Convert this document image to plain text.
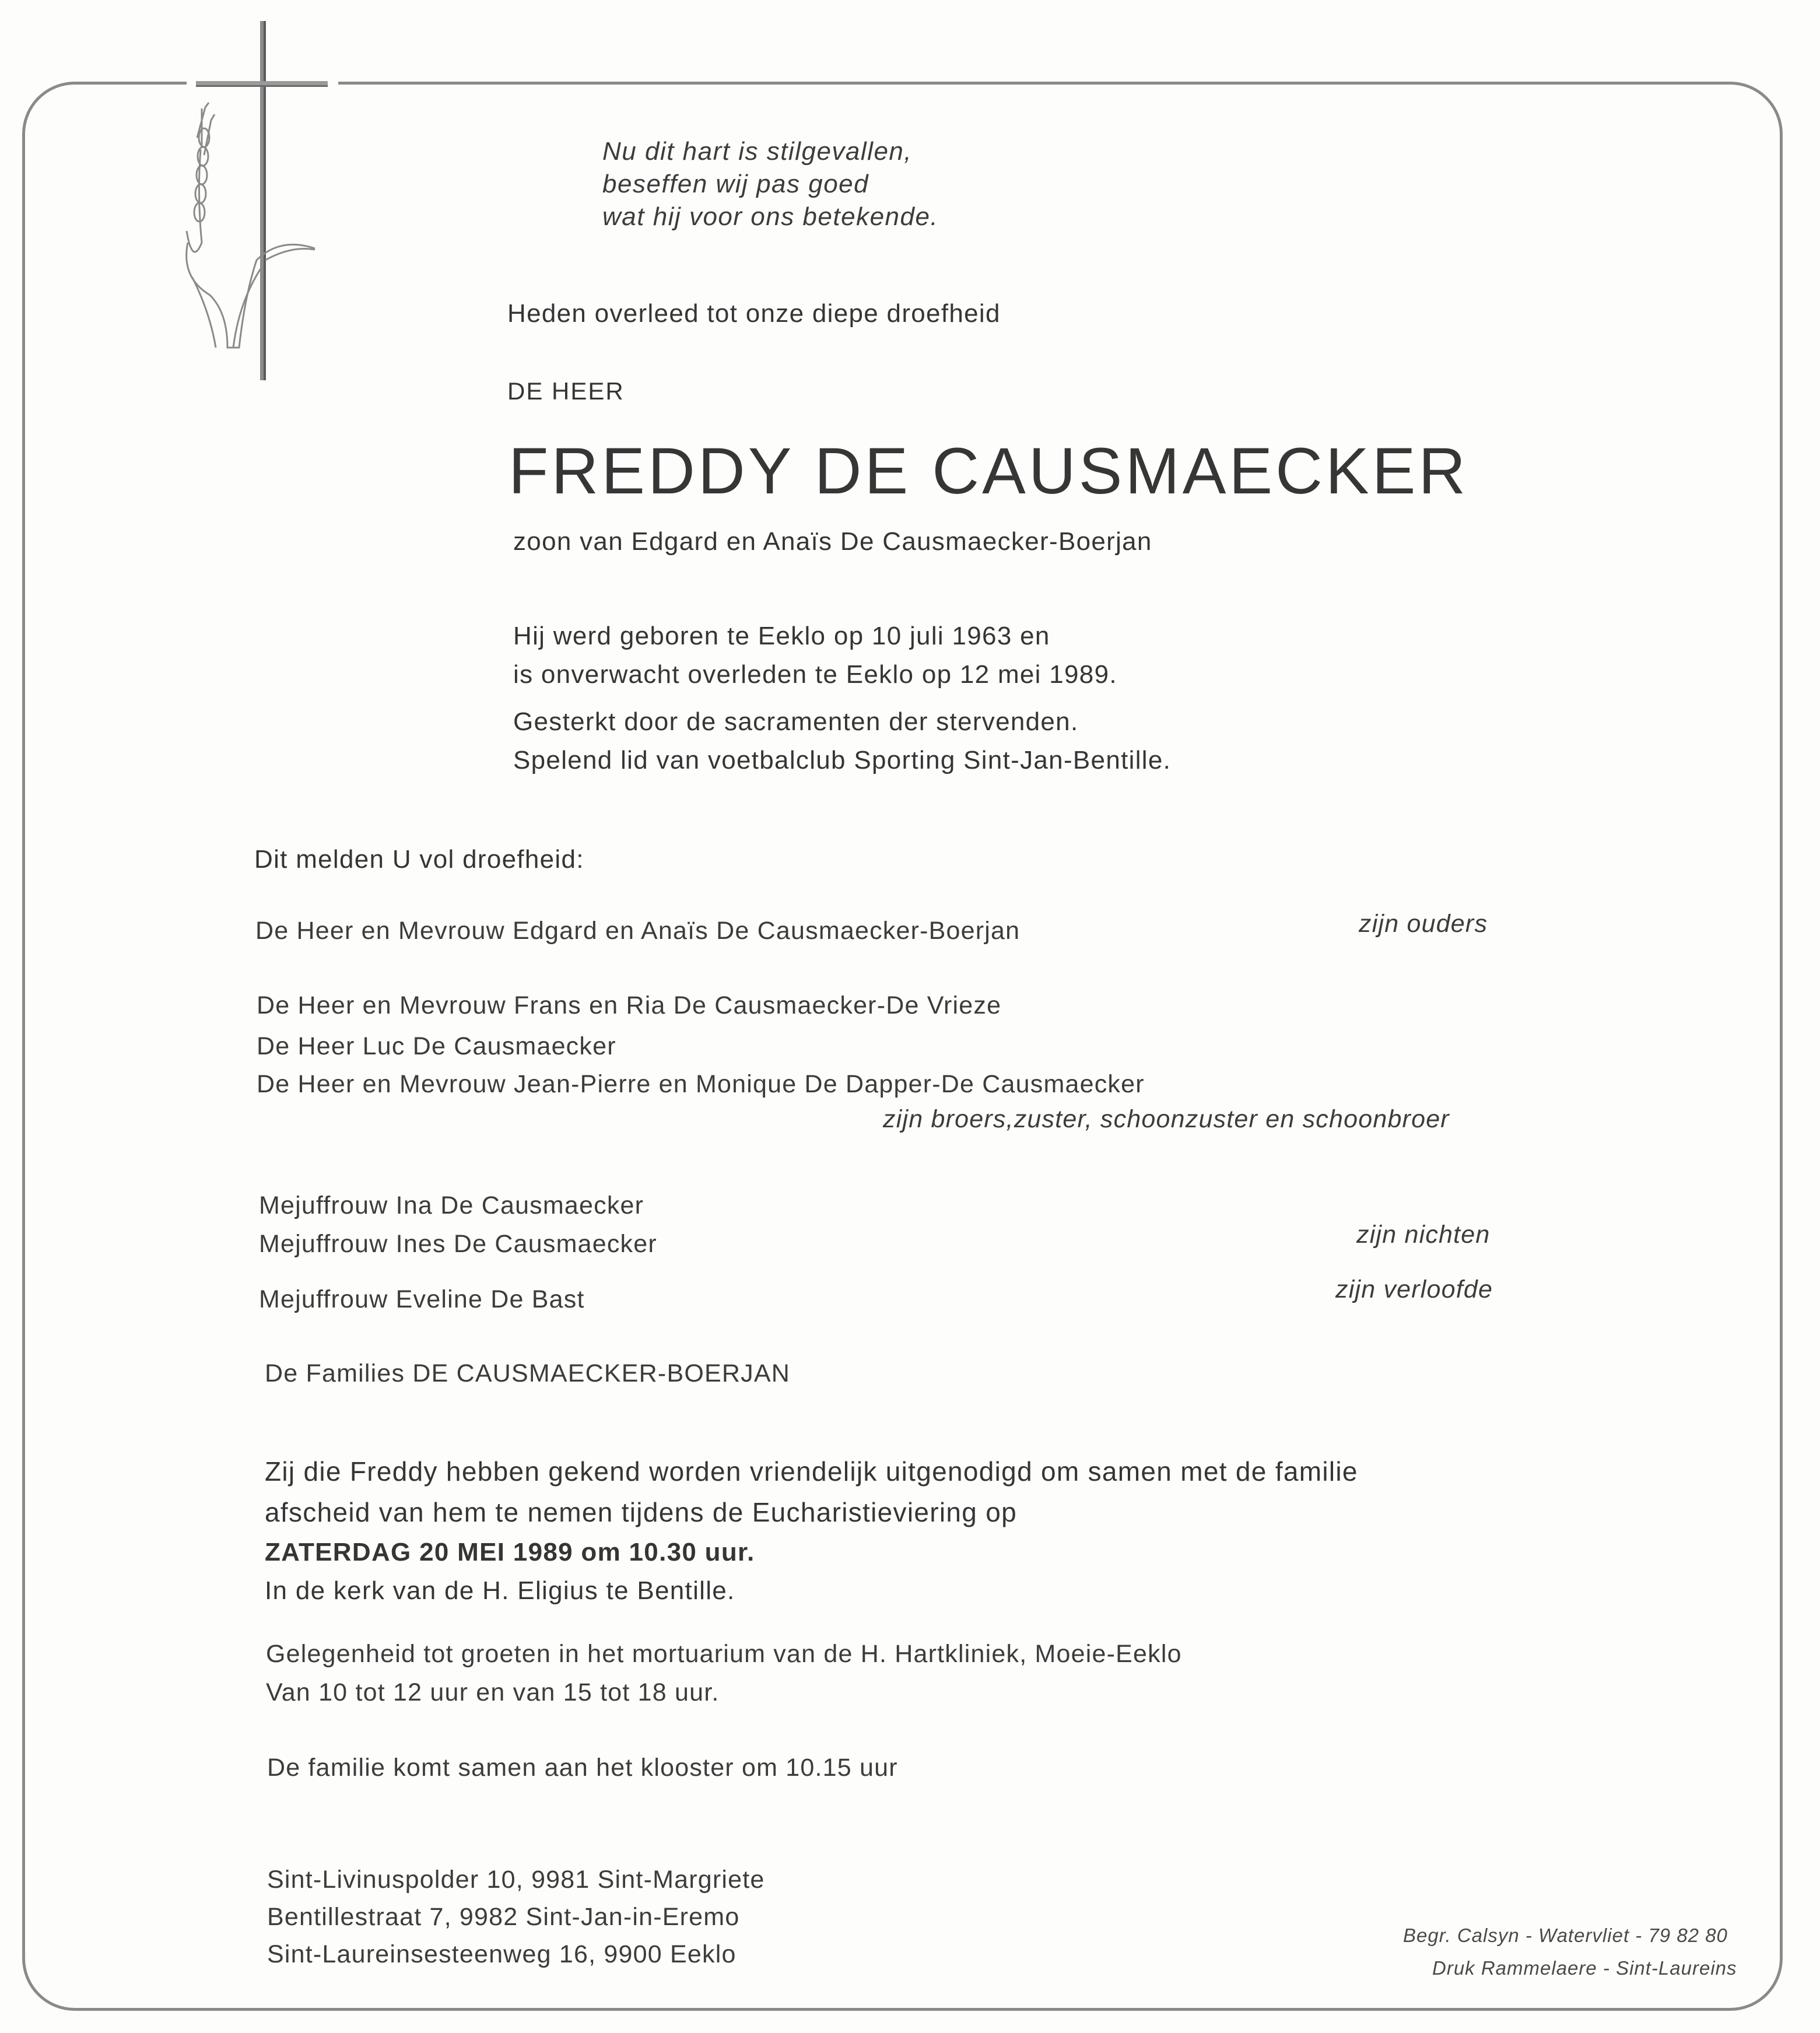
Nu dit hart is stilgevallen,
beseffen wij pas goed
wat hij voor ons betekende.
Heden overleed tot onze diepe droefheid
DE HEER
FREDDY DE CAUSMAECKER
zoon van Edgard en Anaïs De Causmaecker-Boerjan
Hij werd geboren te Eeklo op 10 juli 1963 en
is onverwacht overleden te Eeklo op 12 mei 1989.
Gesterkt door de sacramenten der stervenden.
Spelend lid van voetbalclub Sporting Sint-Jan-Bentille.
Dit melden U vol droefheid:
De Heer en Mevrouw Edgard en Anaïs De Causmaecker-Boerjan	zijn ouders
De Heer en Mevrouw Frans en Ria De Causmaecker-De Vrieze
De Heer Luc De Causmaecker
De Heer en Mevrouw Jean-Pierre en Monique De Dapper-De Causmaecker
zijn broers,zuster, schoonzuster en schoonbroer
Mejuffrouw Ina De Causmaecker
Mejuffrouw Ines De Causmaecker	zijn nichten
Mejuffrouw Eveline De Bast	zijn verloofde
De Families DE CAUSMAECKER-BOERJAN
Zij die Freddy hebben gekend worden vriendelijk uitgenodigd om samen met de familie
afscheid van hem te nemen tijdens de Eucharistieviering op
ZATERDAG 20 MEI 1989 om 10.30 uur.
In de kerk van de H. Eligius te Bentille.
Gelegenheid tot groeten in het mortuarium van de H. Hartkliniek, Moeie-Eeklo
Van 10 tot 12 uur en van 15 tot 18 uur.
De familie komt samen aan het klooster om 10.15 uur
Sint-Livinuspolder 10, 9981 Sint-Margriete
Bentillestraat 7, 9982 Sint-Jan-in-Eremo
Sint-Laureinsesteenweg 16, 9900 Eeklo
Begr. Calsyn - Watervliet - 79 82 80
Druk Rammelaere - Sint-Laureins
